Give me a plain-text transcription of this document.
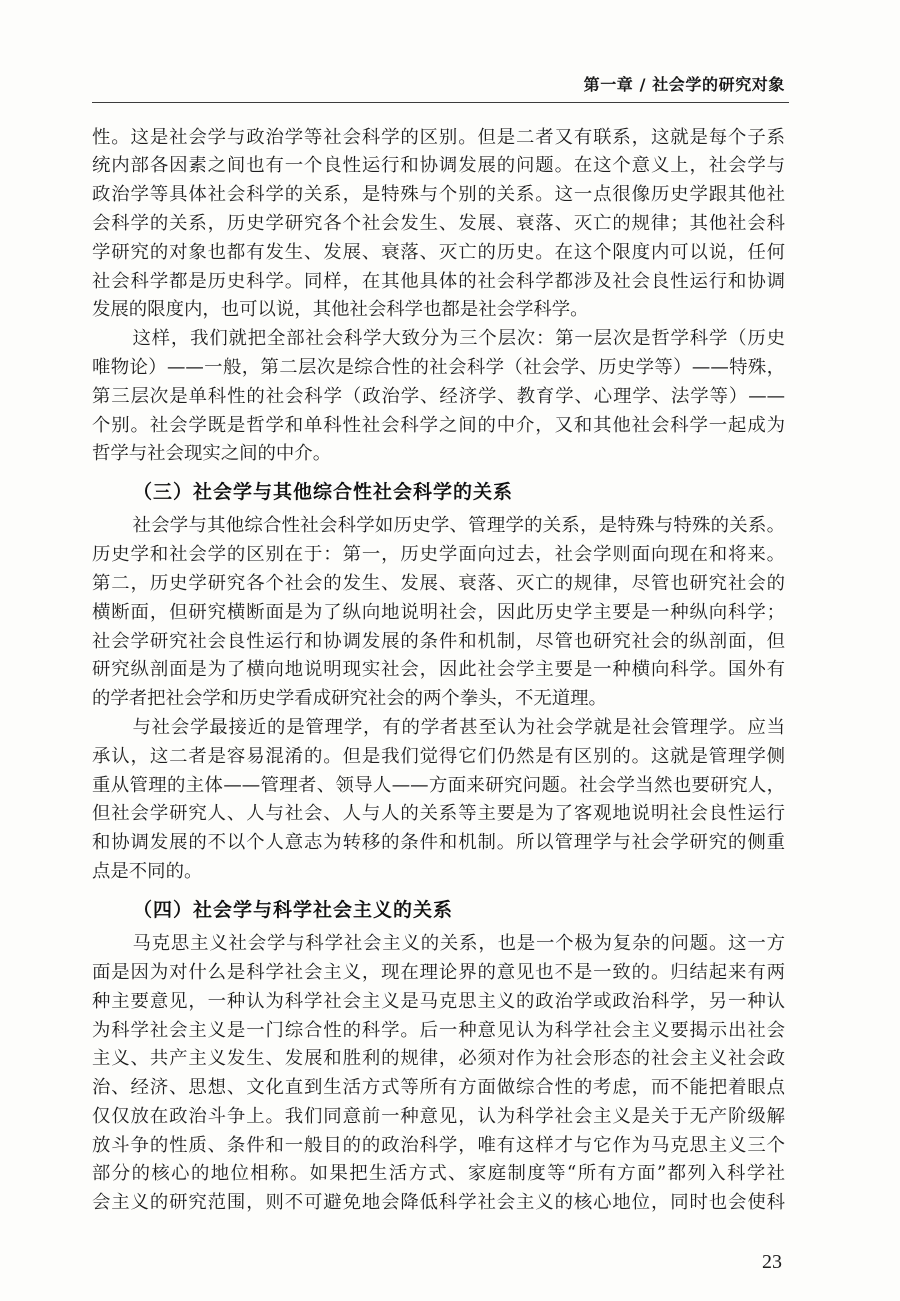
第一章 / 社会学的研究对象
性。这是社会学与政治学等社会科学的区别。但是二者又有联系，这就是每个子系
统内部各因素之间也有一个良性运行和协调发展的问题。在这个意义上，社会学与
政治学等具体社会科学的关系，是特殊与个别的关系。这一点很像历史学跟其他社
会科学的关系，历史学研究各个社会发生、发展、衰落、灭亡的规律；其他社会科
学研究的对象也都有发生、发展、衰落、灭亡的历史。在这个限度内可以说，任何
社会科学都是历史科学。同样，在其他具体的社会科学都涉及社会良性运行和协调
发展的限度内，也可以说，其他社会科学也都是社会学科学。
这样，我们就把全部社会科学大致分为三个层次：第一层次是哲学科学（历史
唯物论）——一般，第二层次是综合性的社会科学（社会学、历史学等）——特殊，
第三层次是单科性的社会科学（政治学、经济学、教育学、心理学、法学等）——
个别。社会学既是哲学和单科性社会科学之间的中介，又和其他社会科学一起成为
哲学与社会现实之间的中介。
（三）社会学与其他综合性社会科学的关系
社会学与其他综合性社会科学如历史学、管理学的关系，是特殊与特殊的关系。
历史学和社会学的区别在于：第一，历史学面向过去，社会学则面向现在和将来。
第二，历史学研究各个社会的发生、发展、衰落、灭亡的规律，尽管也研究社会的
横断面，但研究横断面是为了纵向地说明社会，因此历史学主要是一种纵向科学；
社会学研究社会良性运行和协调发展的条件和机制，尽管也研究社会的纵剖面，但
研究纵剖面是为了横向地说明现实社会，因此社会学主要是一种横向科学。国外有
的学者把社会学和历史学看成研究社会的两个拳头，不无道理。
与社会学最接近的是管理学，有的学者甚至认为社会学就是社会管理学。应当
承认，这二者是容易混淆的。但是我们觉得它们仍然是有区别的。这就是管理学侧
重从管理的主体——管理者、领导人——方面来研究问题。社会学当然也要研究人，
但社会学研究人、人与社会、人与人的关系等主要是为了客观地说明社会良性运行
和协调发展的不以个人意志为转移的条件和机制。所以管理学与社会学研究的侧重
点是不同的。
（四）社会学与科学社会主义的关系
马克思主义社会学与科学社会主义的关系，也是一个极为复杂的问题。这一方
面是因为对什么是科学社会主义，现在理论界的意见也不是一致的。归结起来有两
种主要意见，一种认为科学社会主义是马克思主义的政治学或政治科学，另一种认
为科学社会主义是一门综合性的科学。后一种意见认为科学社会主义要揭示出社会
主义、共产主义发生、发展和胜利的规律，必须对作为社会形态的社会主义社会政
治、经济、思想、文化直到生活方式等所有方面做综合性的考虑，而不能把着眼点
仅仅放在政治斗争上。我们同意前一种意见，认为科学社会主义是关于无产阶级解
放斗争的性质、条件和一般目的的政治科学，唯有这样才与它作为马克思主义三个
部分的核心的地位相称。如果把生活方式、家庭制度等“所有方面”都列入科学社
会主义的研究范围，则不可避免地会降低科学社会主义的核心地位，同时也会使科
23
